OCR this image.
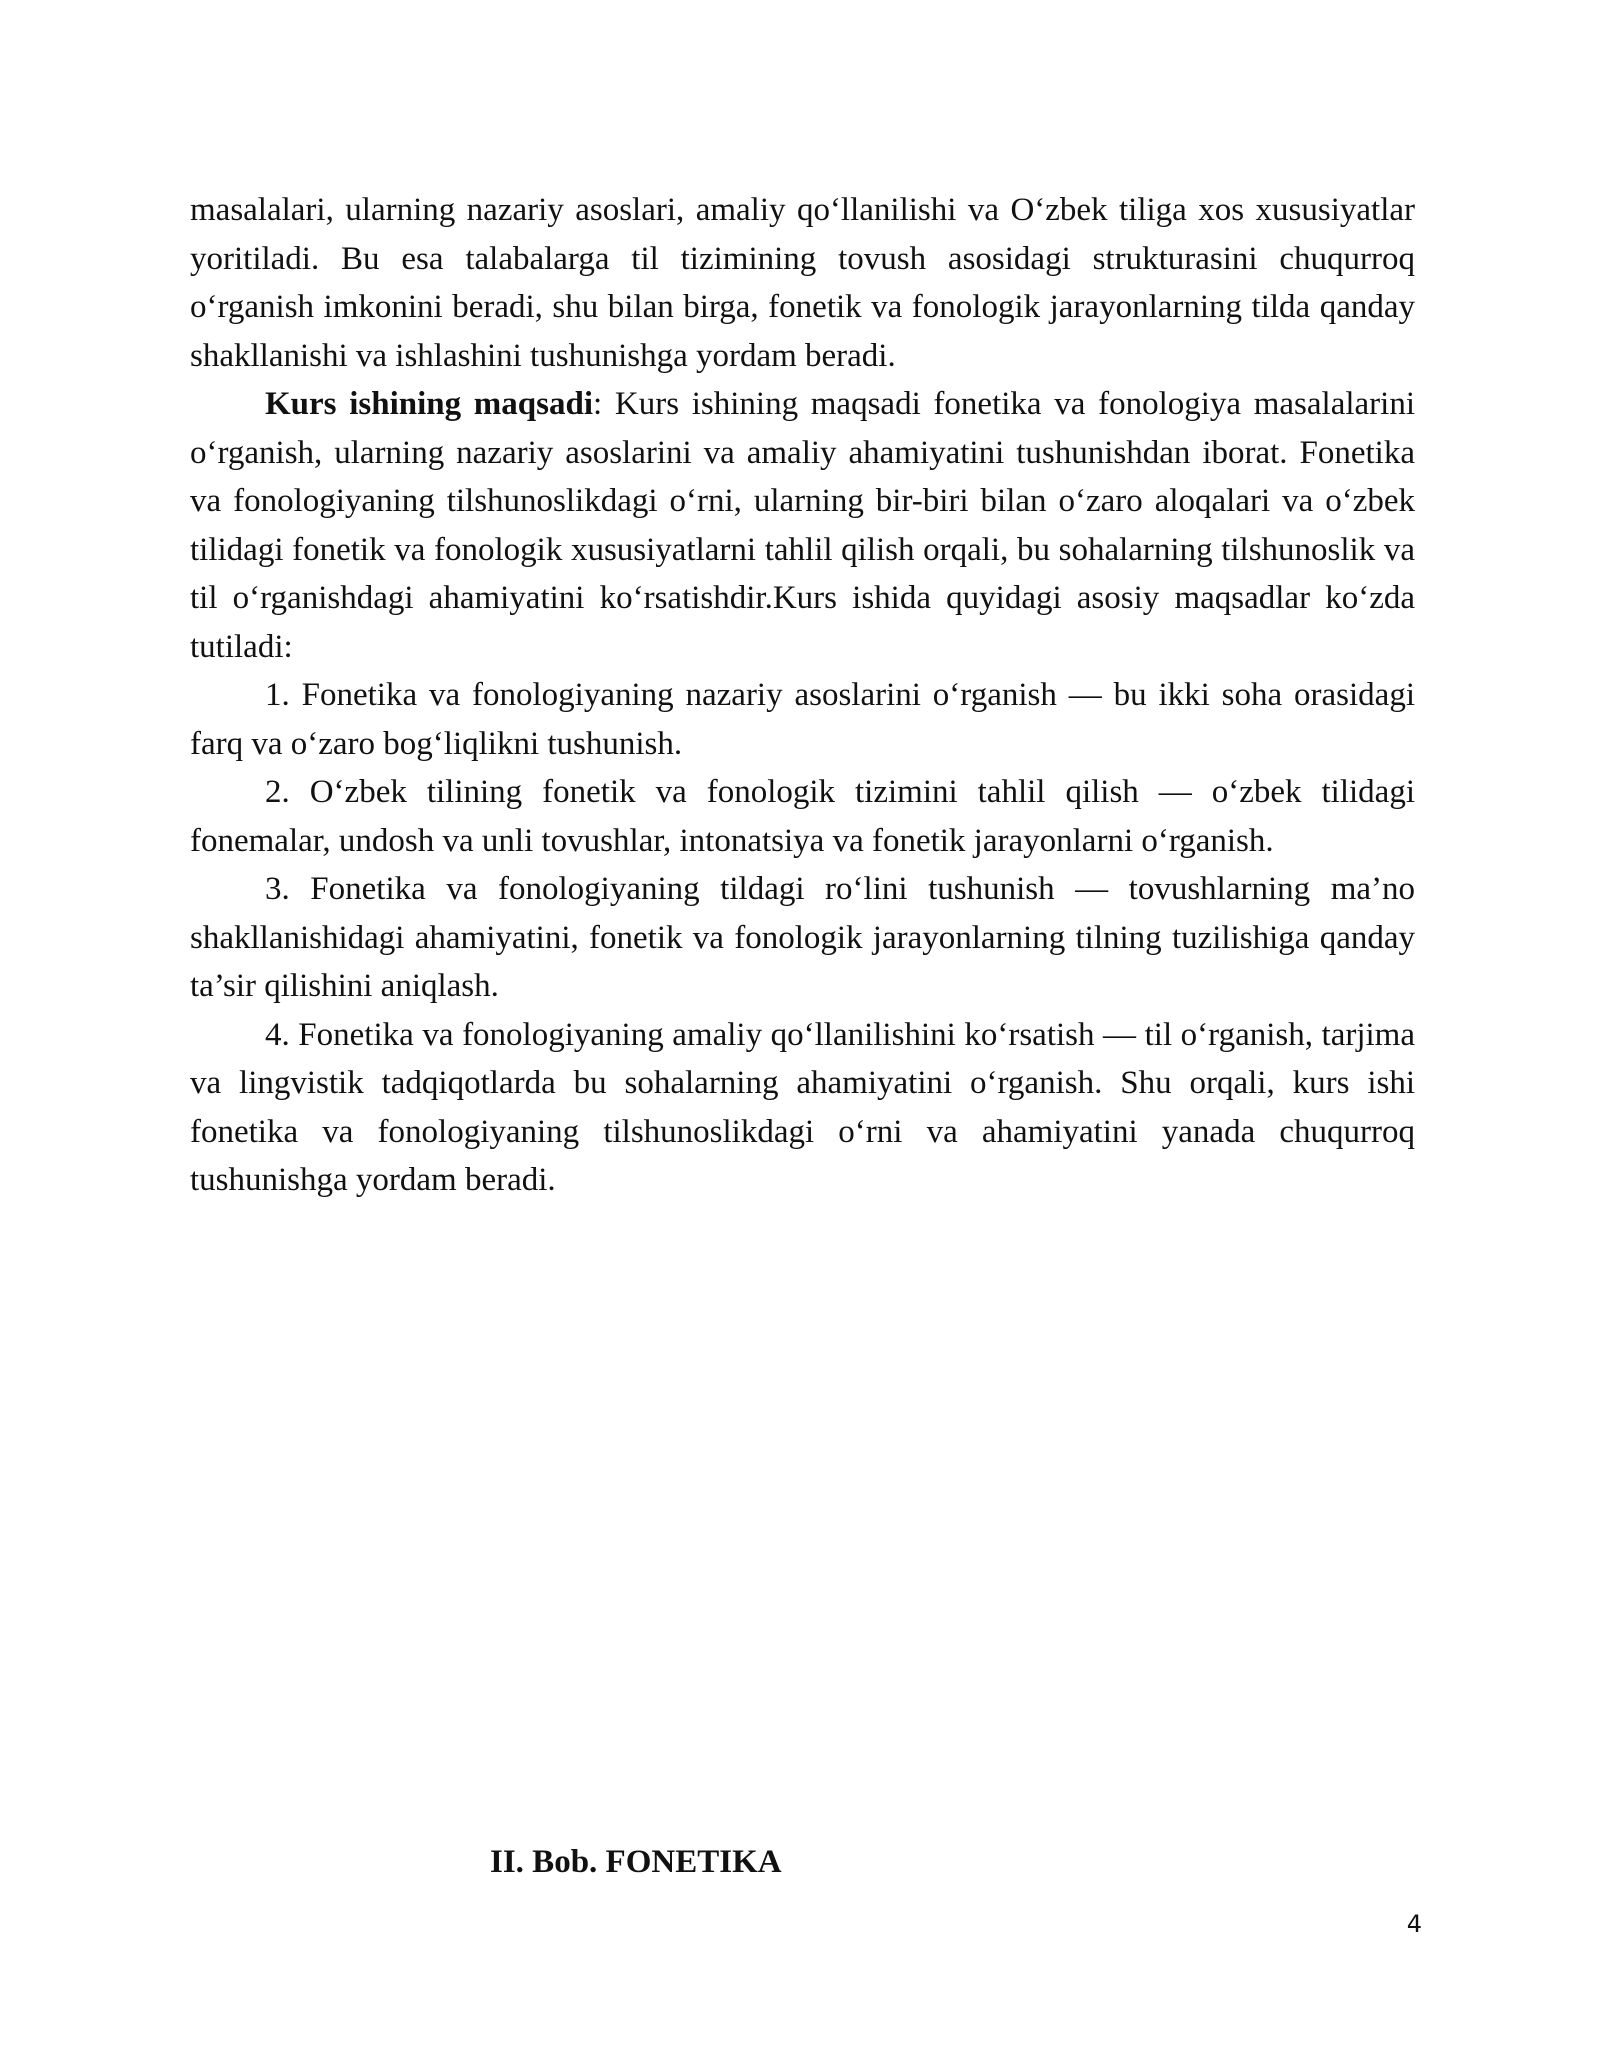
masalalari, ularning nazariy asoslari, amaliy qo‘llanilishi va O‘zbek tiliga xos xususiyatlar yoritiladi. Bu esa talabalarga til tizimining tovush asosidagi strukturasini chuqurroq o‘rganish imkonini beradi, shu bilan birga, fonetik va fonologik jarayonlarning tilda qanday shakllanishi va ishlashini tushunishga yordam beradi.

Kurs ishining maqsadi: Kurs ishining maqsadi fonetika va fonologiya masalalarini o‘rganish, ularning nazariy asoslarini va amaliy ahamiyatini tushunishdan iborat. Fonetika va fonologiyaning tilshunoslikdagi o‘rni, ularning bir-biri bilan o‘zaro aloqalari va o‘zbek tilidagi fonetik va fonologik xususiyatlarni tahlil qilish orqali, bu sohalarning tilshunoslik va til o‘rganishdagi ahamiyatini ko‘rsatishdir.Kurs ishida quyidagi asosiy maqsadlar ko‘zda tutiladi:

1. Fonetika va fonologiyaning nazariy asoslarini o‘rganish — bu ikki soha orasidagi farq va o‘zaro bog‘liqlikni tushunish.

2. O‘zbek tilining fonetik va fonologik tizimini tahlil qilish — o‘zbek tilidagi fonemalar, undosh va unli tovushlar, intonatsiya va fonetik jarayonlarni o‘rganish.

3. Fonetika va fonologiyaning tildagi ro‘lini tushunish — tovushlarning ma’no shakllanishidagi ahamiyatini, fonetik va fonologik jarayonlarning tilning tuzilishiga qanday ta’sir qilishini aniqlash.

4. Fonetika va fonologiyaning amaliy qo‘llanilishini ko‘rsatish — til o‘rganish, tarjima va lingvistik tadqiqotlarda bu sohalarning ahamiyatini o‘rganish. Shu orqali, kurs ishi fonetika va fonologiyaning tilshunoslikdagi o‘rni va ahamiyatini yanada chuqurroq tushunishga yordam beradi.

II. Bob. FONETIKA
4
